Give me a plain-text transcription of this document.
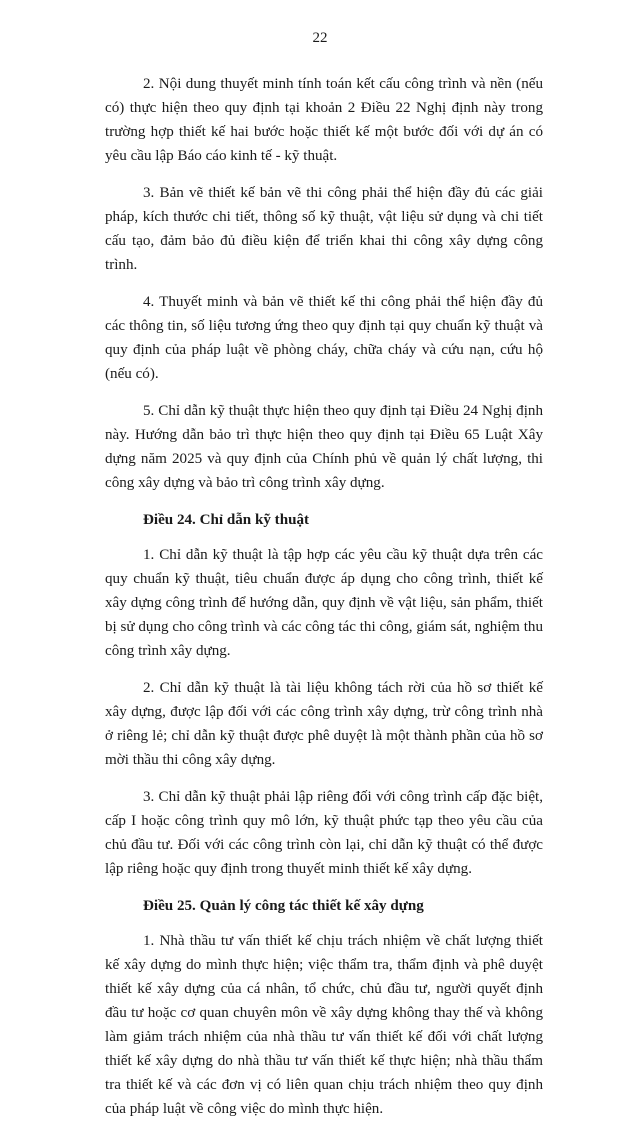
22

2. Nội dung thuyết minh tính toán kết cấu công trình và nền (nếu có) thực hiện theo quy định tại khoản 2 Điều 22 Nghị định này trong trường hợp thiết kế hai bước hoặc thiết kế một bước đối với dự án có yêu cầu lập Báo cáo kinh tế - kỹ thuật.

3. Bản vẽ thiết kế bản vẽ thi công phải thể hiện đầy đủ các giải pháp, kích thước chi tiết, thông số kỹ thuật, vật liệu sử dụng và chi tiết cấu tạo, đảm bảo đủ điều kiện để triển khai thi công xây dựng công trình.

4. Thuyết minh và bản vẽ thiết kế thi công phải thể hiện đầy đủ các thông tin, số liệu tương ứng theo quy định tại quy chuẩn kỹ thuật và quy định của pháp luật về phòng cháy, chữa cháy và cứu nạn, cứu hộ (nếu có).

5. Chỉ dẫn kỹ thuật thực hiện theo quy định tại Điều 24 Nghị định này. Hướng dẫn bảo trì thực hiện theo quy định tại Điều 65 Luật Xây dựng năm 2025 và quy định của Chính phủ về quản lý chất lượng, thi công xây dựng và bảo trì công trình xây dựng.

Điều 24. Chỉ dẫn kỹ thuật

1. Chỉ dẫn kỹ thuật là tập hợp các yêu cầu kỹ thuật dựa trên các quy chuẩn kỹ thuật, tiêu chuẩn được áp dụng cho công trình, thiết kế xây dựng công trình để hướng dẫn, quy định về vật liệu, sản phẩm, thiết bị sử dụng cho công trình và các công tác thi công, giám sát, nghiệm thu công trình xây dựng.

2. Chỉ dẫn kỹ thuật là tài liệu không tách rời của hồ sơ thiết kế xây dựng, được lập đối với các công trình xây dựng, trừ công trình nhà ở riêng lẻ; chỉ dẫn kỹ thuật được phê duyệt là một thành phần của hồ sơ mời thầu thi công xây dựng.

3. Chỉ dẫn kỹ thuật phải lập riêng đối với công trình cấp đặc biệt, cấp I hoặc công trình quy mô lớn, kỹ thuật phức tạp theo yêu cầu của chủ đầu tư. Đối với các công trình còn lại, chỉ dẫn kỹ thuật có thể được lập riêng hoặc quy định trong thuyết minh thiết kế xây dựng.

Điều 25. Quản lý công tác thiết kế xây dựng

1. Nhà thầu tư vấn thiết kế chịu trách nhiệm về chất lượng thiết kế xây dựng do mình thực hiện; việc thẩm tra, thẩm định và phê duyệt thiết kế xây dựng của cá nhân, tổ chức, chủ đầu tư, người quyết định đầu tư hoặc cơ quan chuyên môn về xây dựng không thay thế và không làm giảm trách nhiệm của nhà thầu tư vấn thiết kế đối với chất lượng thiết kế xây dựng do nhà thầu tư vấn thiết kế thực hiện; nhà thầu thẩm tra thiết kế và các đơn vị có liên quan chịu trách nhiệm theo quy định của pháp luật về công việc do mình thực hiện.
